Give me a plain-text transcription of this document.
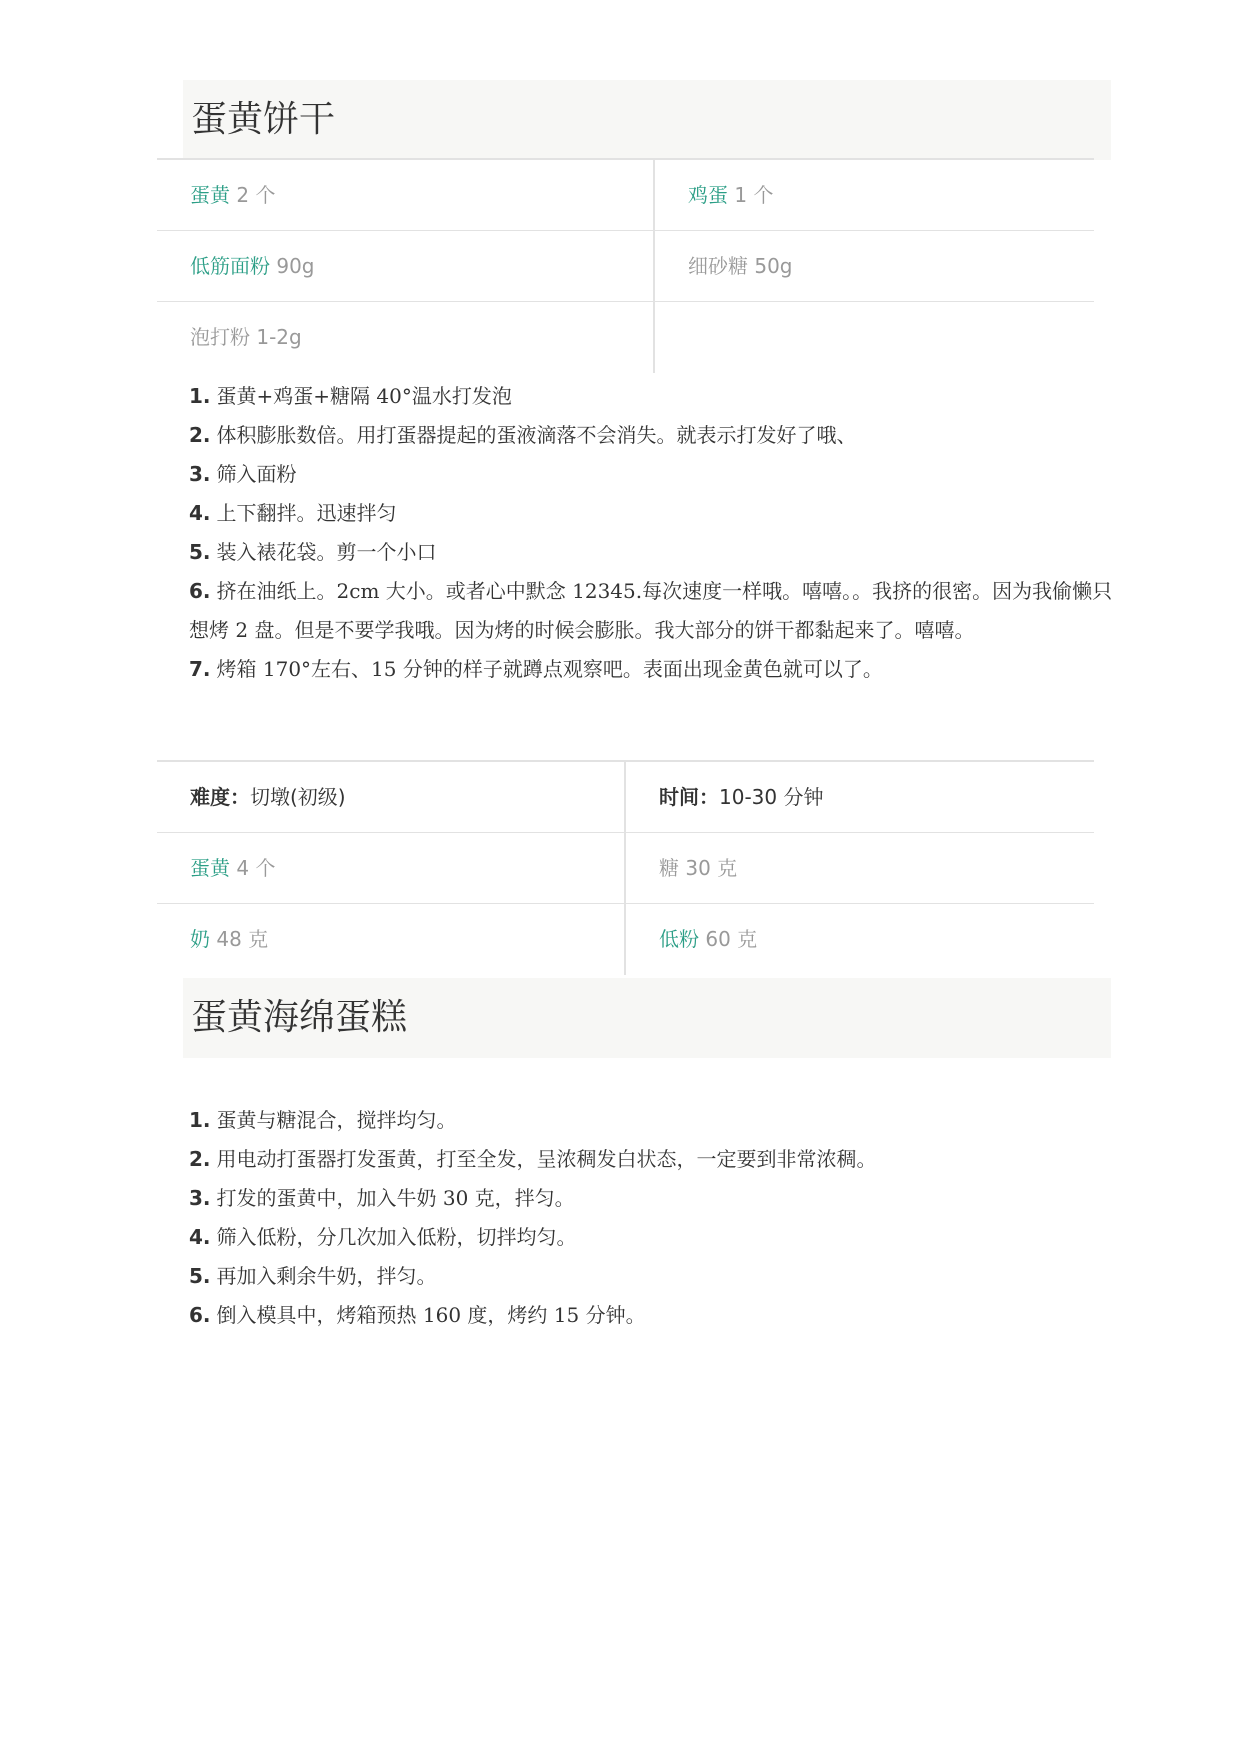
蛋黄饼干
蛋黄 2 个	鸡蛋 1 个
低筋面粉 90g	细砂糖 50g
泡打粉 1-2g
1. 蛋黄+鸡蛋+糖隔 40°温水打发泡
2. 体积膨胀数倍。用打蛋器提起的蛋液滴落不会消失。就表示打发好了哦、
3. 筛入面粉
4. 上下翻拌。迅速拌匀
5. 装入裱花袋。剪一个小口
6. 挤在油纸上。2cm 大小。或者心中默念 12345.每次速度一样哦。嘻嘻。。我挤的很密。因为我偷懒只想烤 2 盘。但是不要学我哦。因为烤的时候会膨胀。我大部分的饼干都黏起来了。嘻嘻。
7. 烤箱 170°左右、15 分钟的样子就蹲点观察吧。表面出现金黄色就可以了。
难度：切墩(初级)	时间：10-30 分钟
蛋黄 4 个	糖 30 克
奶 48 克	低粉 60 克
蛋黄海绵蛋糕
1. 蛋黄与糖混合，搅拌均匀。
2. 用电动打蛋器打发蛋黄，打至全发，呈浓稠发白状态，一定要到非常浓稠。
3. 打发的蛋黄中，加入牛奶 30 克，拌匀。
4. 筛入低粉，分几次加入低粉，切拌均匀。
5. 再加入剩余牛奶，拌匀。
6. 倒入模具中，烤箱预热 160 度，烤约 15 分钟。
